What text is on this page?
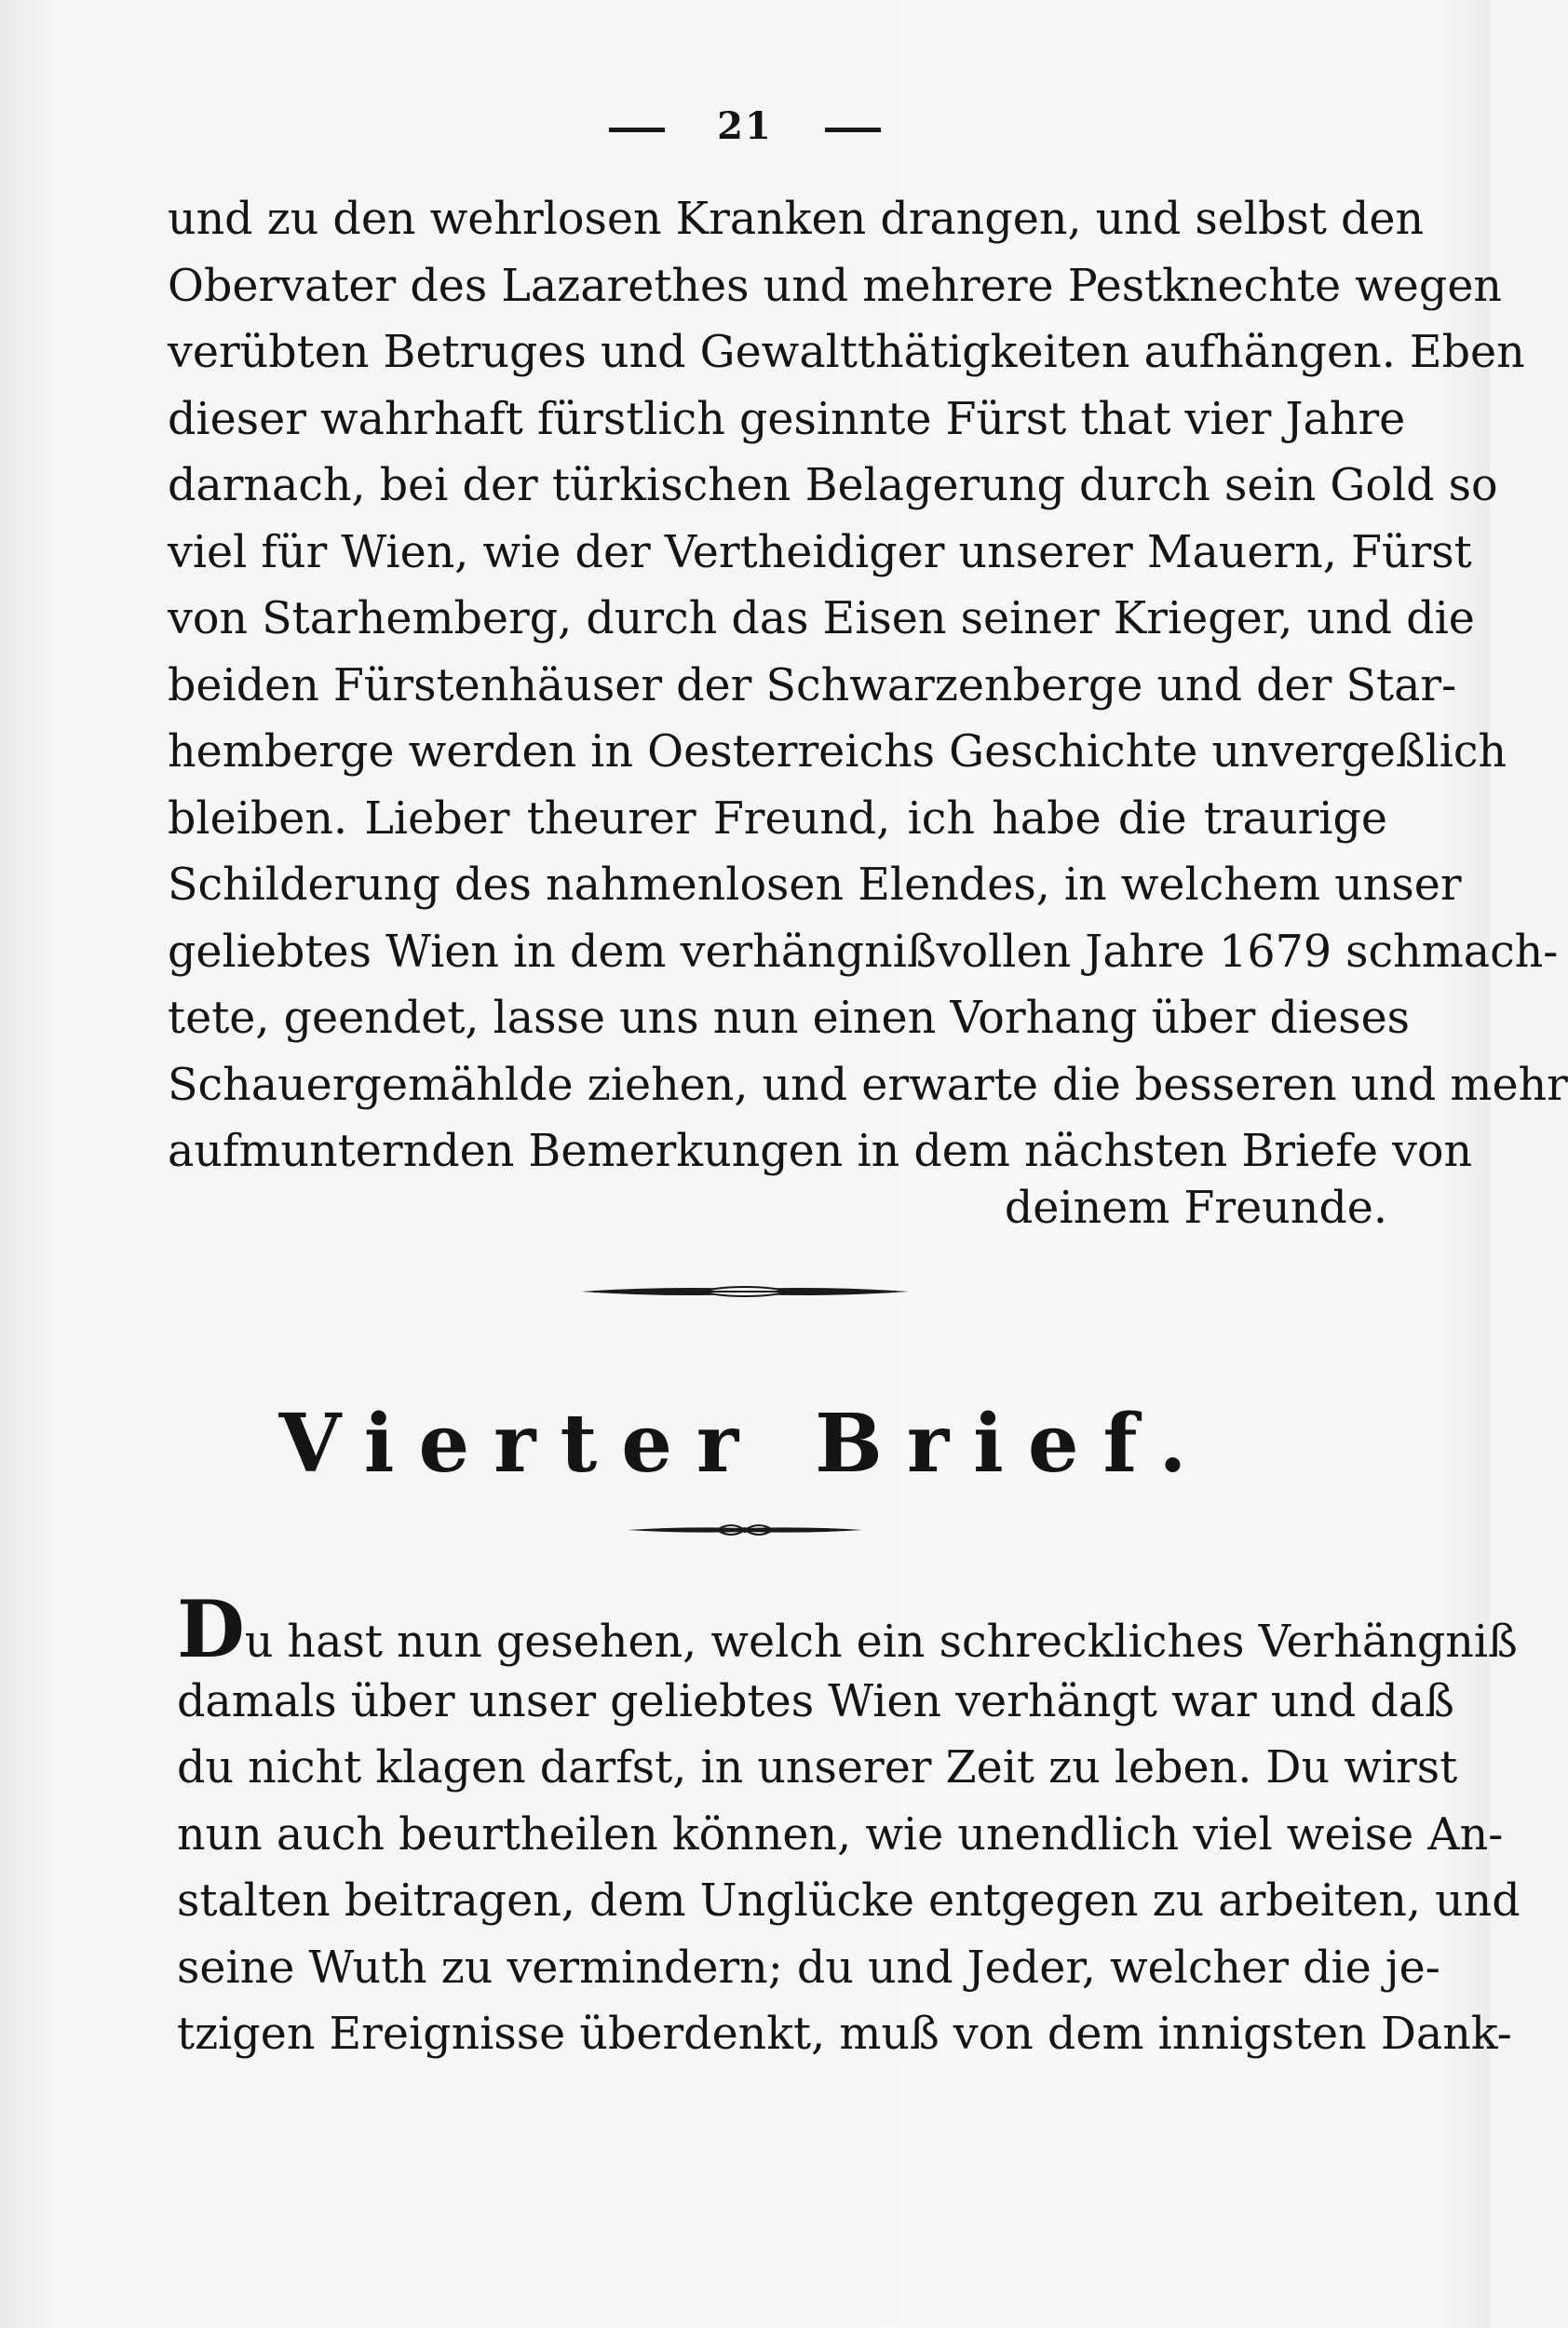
21
und zu den wehrlosen Kranken drangen, und selbst den
Obervater des Lazarethes und mehrere Pestknechte wegen
verübten Betruges und Gewaltthätigkeiten aufhängen. Eben
dieser wahrhaft fürstlich gesinnte Fürst that vier Jahre
darnach, bei der türkischen Belagerung durch sein Gold so
viel für Wien, wie der Vertheidiger unserer Mauern, Fürst
von Starhemberg, durch das Eisen seiner Krieger, und die
beiden Fürstenhäuser der Schwarzenberge und der Star-
hemberge werden in Oesterreichs Geschichte unvergeßlich
bleiben. Lieber theurer Freund, ich habe die traurige
Schilderung des nahmenlosen Elendes, in welchem unser
geliebtes Wien in dem verhängnißvollen Jahre 1679 schmach-
tete, geendet, lasse uns nun einen Vorhang über dieses
Schauergemählde ziehen, und erwarte die besseren und mehr
aufmunternden Bemerkungen in dem nächsten Briefe von
deinem Freunde.
Vierter Brief.
Du hast nun gesehen, welch ein schreckliches Verhängniß
damals über unser geliebtes Wien verhängt war und daß
du nicht klagen darfst, in unserer Zeit zu leben. Du wirst
nun auch beurtheilen können, wie unendlich viel weise An-
stalten beitragen, dem Unglücke entgegen zu arbeiten, und
seine Wuth zu vermindern; du und Jeder, welcher die je-
tzigen Ereignisse überdenkt, muß von dem innigsten Dank-
